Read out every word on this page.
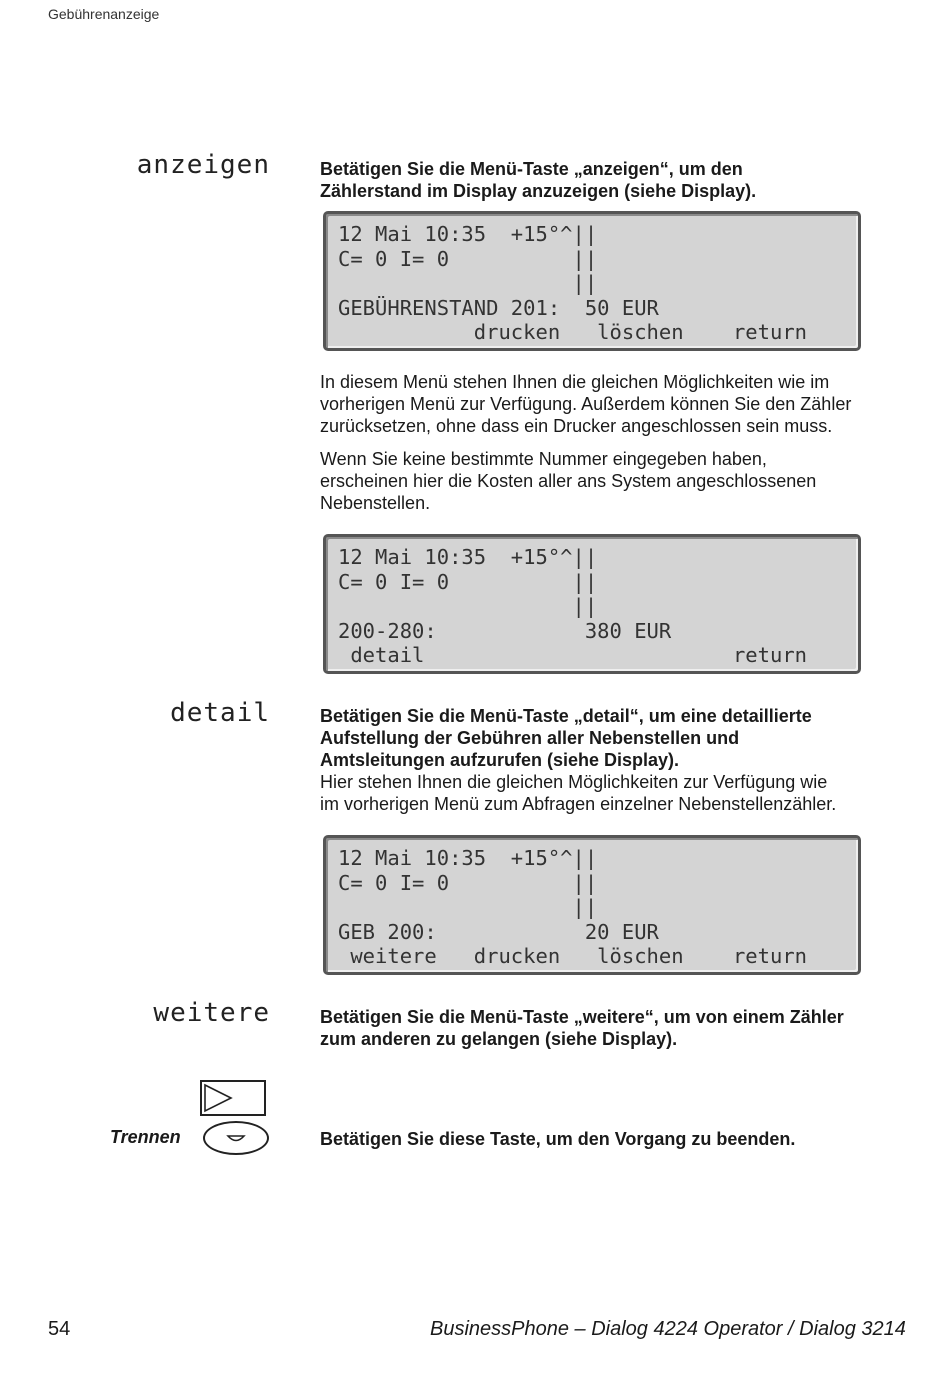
Gebührenanzeige
anzeigen	Betätigen Sie die Menü-Taste „anzeigen“, um den
Zählerstand im Display anzuzeigen (siehe Display).
12 Mai 10:35  +15°^||
C= 0 I= 0          ||
||
GEBÜHRENSTAND 201:  50 EUR
drucken   löschen    return
In diesem Menü stehen Ihnen die gleichen Möglichkeiten wie im
vorherigen Menü zur Verfügung. Außerdem können Sie den Zähler
zurücksetzen, ohne dass ein Drucker angeschlossen sein muss.
Wenn Sie keine bestimmte Nummer eingegeben haben,
erscheinen hier die Kosten aller ans System angeschlossenen
Nebenstellen.
12 Mai 10:35  +15°^||
C= 0 I= 0          ||
||
200-280:            380 EUR
detail                         return
detail	Betätigen Sie die Menü-Taste „detail“, um eine detaillierte
Aufstellung der Gebühren aller Nebenstellen und
Amtsleitungen aufzurufen (siehe Display).
Hier stehen Ihnen die gleichen Möglichkeiten zur Verfügung wie
im vorherigen Menü zum Abfragen einzelner Nebenstellenzähler.
12 Mai 10:35  +15°^||
C= 0 I= 0          ||
||
GEB 200:            20 EUR
weitere   drucken   löschen    return
weitere	Betätigen Sie die Menü-Taste „weitere“, um von einem Zähler
zum anderen zu gelangen (siehe Display).
Trennen	Betätigen Sie diese Taste, um den Vorgang zu beenden.
54	BusinessPhone – Dialog 4224 Operator / Dialog 3214
